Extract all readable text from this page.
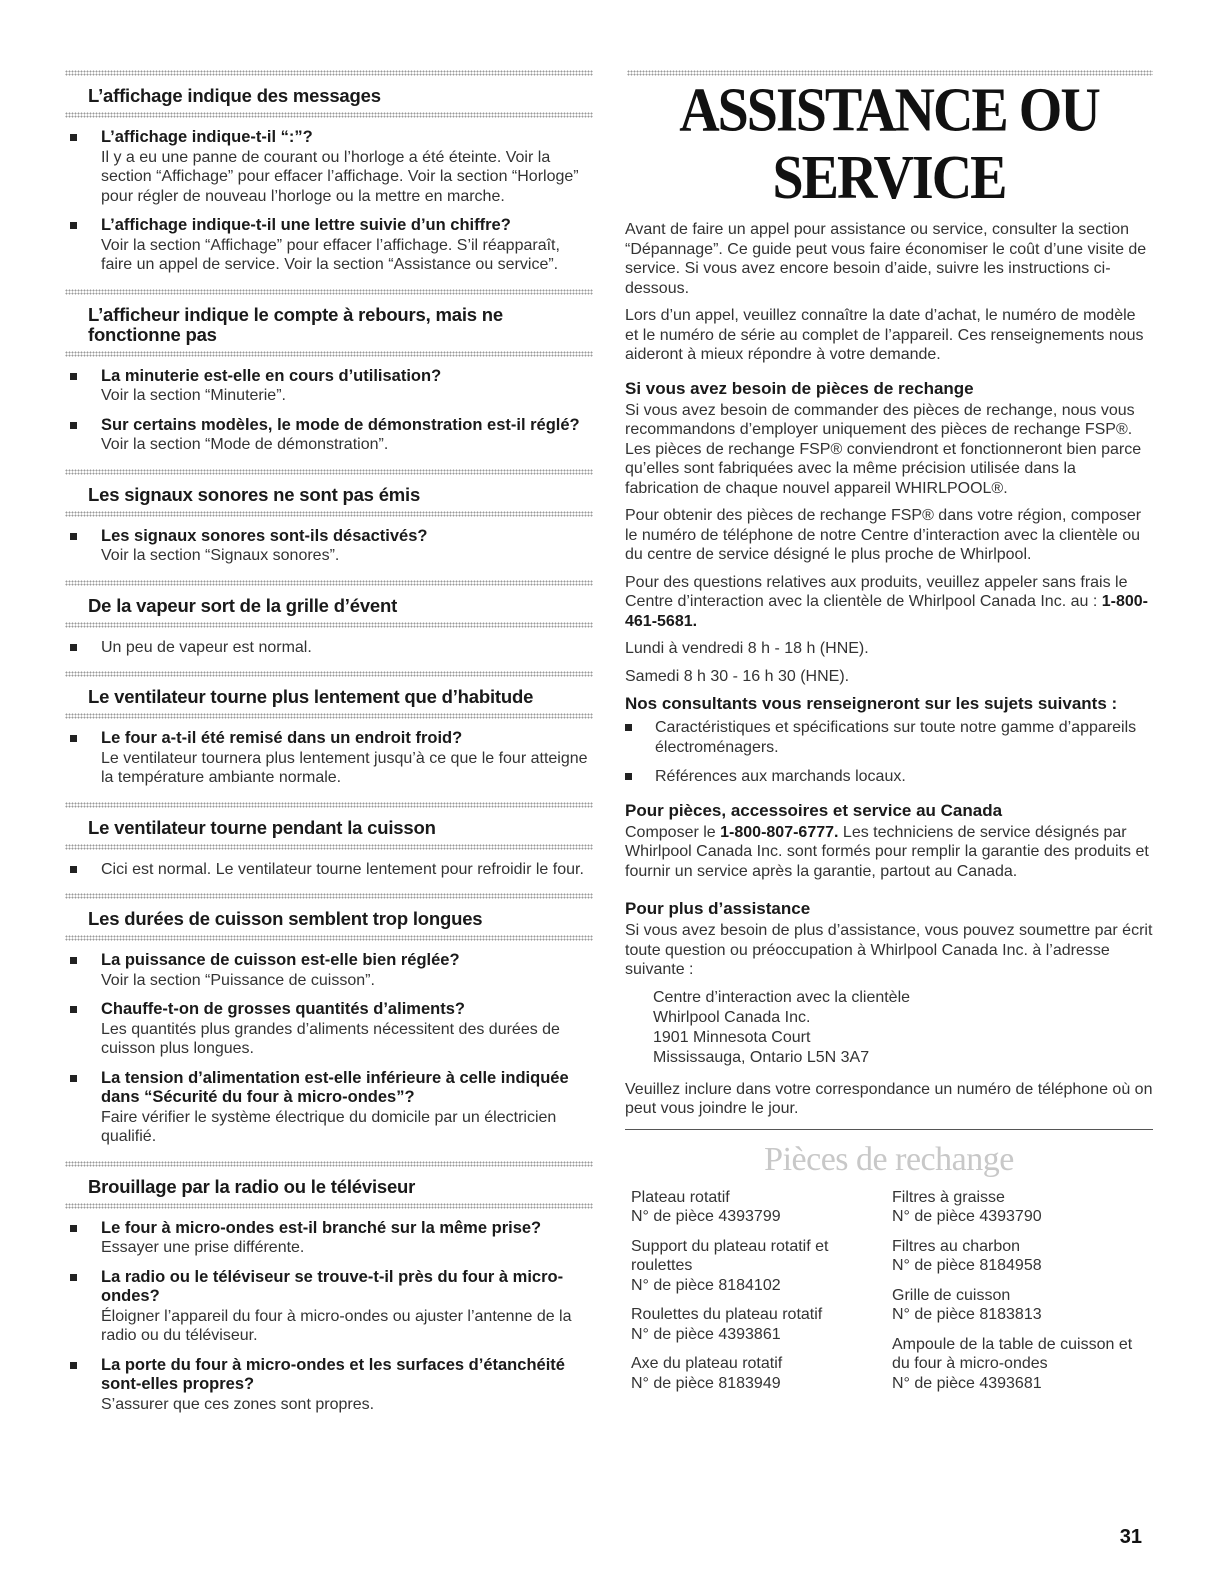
L’affichage indique des messages
L’affichage indique-t-il “:”?
Il y a eu une panne de courant ou l’horloge a été éteinte. Voir la section “Affichage” pour effacer l’affichage. Voir la section “Horloge” pour régler de nouveau l’horloge ou la mettre en marche.
L’affichage indique-t-il une lettre suivie d’un chiffre?
Voir la section “Affichage” pour effacer l’affichage. S’il réapparaît, faire un appel de service. Voir la section “Assistance ou service”.
L’afficheur indique le compte à rebours, mais ne fonctionne pas
La minuterie est-elle en cours d’utilisation?
Voir la section “Minuterie”.
Sur certains modèles, le mode de démonstration est-il réglé?
Voir la section “Mode de démonstration”.
Les signaux sonores ne sont pas émis
Les signaux sonores sont-ils désactivés?
Voir la section “Signaux sonores”.
De la vapeur sort de la grille d’évent
Un peu de vapeur est normal.
Le ventilateur tourne plus lentement que d’habitude
Le four a-t-il été remisé dans un endroit froid?
Le ventilateur tournera plus lentement jusqu’à ce que le four atteigne la température ambiante normale.
Le ventilateur tourne pendant la cuisson
Cici est normal. Le ventilateur tourne lentement pour refroidir le four.
Les durées de cuisson semblent trop longues
La puissance de cuisson est-elle bien réglée?
Voir la section “Puissance de cuisson”.
Chauffe-t-on de grosses quantités d’aliments?
Les quantités plus grandes d’aliments nécessitent des durées de cuisson plus longues.
La tension d’alimentation est-elle inférieure à celle indiquée dans “Sécurité du four à micro-ondes”?
Faire vérifier le système électrique du domicile par un électricien qualifié.
Brouillage par la radio ou le téléviseur
Le four à micro-ondes est-il branché sur la même prise?
Essayer une prise différente.
La radio ou le téléviseur se trouve-t-il près du four à micro-ondes?
Éloigner l’appareil du four à micro-ondes ou ajuster l’antenne de la radio ou du téléviseur.
La porte du four à micro-ondes et les surfaces d’étanchéité sont-elles propres?
S’assurer que ces zones sont propres.
ASSISTANCE OU SERVICE
Avant de faire un appel pour assistance ou service, consulter la section “Dépannage”. Ce guide peut vous faire économiser le coût d’une visite de service. Si vous avez encore besoin d’aide, suivre les instructions ci-dessous.
Lors d’un appel, veuillez connaître la date d’achat, le numéro de modèle et le numéro de série au complet de l’appareil. Ces renseignements nous aideront à mieux répondre à votre demande.
Si vous avez besoin de pièces de rechange
Si vous avez besoin de commander des pièces de rechange, nous vous recommandons d’employer uniquement des pièces de rechange FSP®. Les pièces de rechange FSP® conviendront et fonctionneront bien parce qu’elles sont fabriquées avec la même précision utilisée dans la fabrication de chaque nouvel appareil WHIRLPOOL®.
Pour obtenir des pièces de rechange FSP® dans votre région, composer le numéro de téléphone de notre Centre d’interaction avec la clientèle ou du centre de service désigné le plus proche de Whirlpool.
Pour des questions relatives aux produits, veuillez appeler sans frais le Centre d’interaction avec la clientèle de Whirlpool Canada Inc. au : 1-800-461-5681.
Lundi à vendredi 8 h - 18 h (HNE).
Samedi 8 h 30 - 16 h 30 (HNE).
Nos consultants vous renseigneront sur les sujets suivants :
Caractéristiques et spécifications sur toute notre gamme d’appareils électroménagers.
Références aux marchands locaux.
Pour pièces, accessoires et service au Canada
Composer le 1-800-807-6777. Les techniciens de service désignés par Whirlpool Canada Inc. sont formés pour remplir la garantie des produits et fournir un service après la garantie, partout au Canada.
Pour plus d’assistance
Si vous avez besoin de plus d’assistance, vous pouvez soumettre par écrit toute question ou préoccupation à Whirlpool Canada Inc. à l’adresse suivante :
Centre d’interaction avec la clientèle
Whirlpool Canada Inc.
1901 Minnesota Court
Mississauga, Ontario L5N 3A7
Veuillez inclure dans votre correspondance un numéro de téléphone où on peut vous joindre le jour.
Pièces de rechange
Plateau rotatif
N° de pièce 4393799
Support du plateau rotatif et roulettes
N° de pièce 8184102
Roulettes du plateau rotatif
N° de pièce 4393861
Axe du plateau rotatif
N° de pièce 8183949
Filtres à graisse
N° de pièce 4393790
Filtres au charbon
N° de pièce 8184958
Grille de cuisson
N° de pièce 8183813
Ampoule de la table de cuisson et du four à micro-ondes
N° de pièce 4393681
31
